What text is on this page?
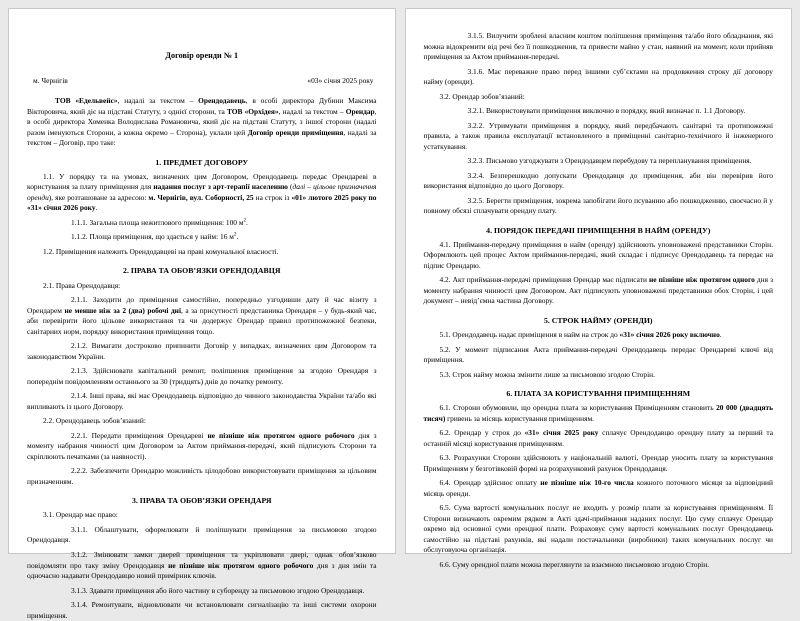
Договір оренди № 1
м. Чернігів	«03» січня 2025 року

ТОВ «Едельвейс», надалі за текстом – Орендодавець, в особі директора Дубини Максима Вікторовича, який діє на підставі Статуту, з однієї сторони, та ТОВ «Орхідея», надалі за текстом – Орендар, в особі директора Хоменка Володислава Романовича, який діє на підставі Статуту, з іншої сторони (надалі разом іменуються Сторони, а кожна окремо – Сторона), уклали цей Договір оренди приміщення, надалі за текстом – Договір, про таке:

1. ПРЕДМЕТ ДОГОВОРУ

1.1. У порядку та на умовах, визначених цим Договором, Орендодавець передає Орендареві в користування за плату приміщення для надання послуг з арт-терапії населенню (далі – цільове призначення оренди), яке розташоване за адресою: м. Чернігів, вул. Соборності, 25 на строк із «01» лютого 2025 року по «31» січня 2026 року.

1.1.1. Загальна площа нежитлового приміщення: 100 $м^2$.

1.1.2. Площа приміщення, що здається у найм: 16 $м^2$.

1.2. Приміщення належить Орендодавцеві на праві комунальної власності.

2. ПРАВА ТА ОБОВ’ЯЗКИ ОРЕНДОДАВЦЯ

2.1. Права Орендодавця:

2.1.1. Заходити до приміщення самостійно, попередньо узгодивши дату й час візиту з Орендарем не менше ніж за 2 (два) робочі дні, а за присутності представника Орендаря – у будь-який час, аби перевірити його цільове використання та чи додержує Орендар правил протипожежної безпеки, санітарних норм, порядку використання приміщення тощо.

2.1.2. Вимагати достроково припинити Договір у випадках, визначених цим Договором та законодавством України.

2.1.3. Здійснювати капітальний ремонт, поліпшення приміщення за згодою Орендаря з попереднім повідомленням останнього за 30 (тридцять) днів до початку ремонту.

2.1.4. Інші права, які має Орендодавець відповідно до чинного законодавства України та/або які випливають із цього Договору.

2.2. Орендодавець зобов’язаний:

2.2.1. Передати приміщення Орендареві не пізніше ніж протягом одного робочого дня з моменту набрання чинності цим Договором за Актом приймання-передачі, який підписують Сторони та скріплюють печатками (за наявності).

2.2.2. Забезпечити Орендарю можливість цілодобово використовувати приміщення за цільовим призначенням.

3. ПРАВА ТА ОБОВ’ЯЗКИ ОРЕНДАРЯ

3.1. Орендар має право:

3.1.1. Облаштувати, оформлювати й поліпшувати приміщення за письмовою згодою Орендодавця.

3.1.2. Змінювати замки дверей приміщення та укріплювати двері, однак обов’язково повідомляти про таку зміну Орендодавця не пізніше ніж протягом одного робочого дня з дня змін та одночасно надавати Орендодавцю новий примірник ключів.

3.1.3. Здавати приміщення або його частину в суборенду за письмовою згодою Орендодавця.

3.1.4. Ремонтувати, відновлювати чи встановлювати сигналізацію та інші системи охорони приміщення.

3.1.5. Вилучити зроблені власним коштом поліпшення приміщення та/або його обладнання, які можна відокремити від речі без її пошкодження, та привести майно у стан, наявний на момент, коли прийняв приміщення за Актом приймання-передачі.

3.1.6. Має переважне право перед іншими суб’єктами на продовження строку дії договору найму (оренди).

3.2. Орендар зобов’язаний:

3.2.1. Використовувати приміщення виключно в порядку, який визначає п. 1.1 Договору.

3.2.2. Утримувати приміщення в порядку, який передбачають санітарні та протипожежні правила, а також правила експлуатації встановленого в приміщенні санітарно-технічного й інженерного устаткування.

3.2.3. Письмово узгоджувати з Орендодавцем перебудову та перепланування приміщення.

3.2.4. Безперешкодно допускати Орендодавця до приміщення, аби він перевірив його використання відповідно до цього Договору.

3.2.5. Берегти приміщення, зокрема запобігати його псуванню або пошкодженню, своєчасно й у повному обсязі сплачувати орендну плату.

4. ПОРЯДОК ПЕРЕДАЧІ ПРИМІЩЕННЯ В НАЙМ (ОРЕНДУ)

4.1. Приймання-передачу приміщення в найм (оренду) здійснюють уповноважені представники Сторін. Оформлюють цей процес Актом приймання-передачі, який складає і підписує Орендодавець та передає на підпис Орендарю.

4.2. Акт приймання-передачі приміщення Орендар має підписати не пізніше ніж протягом одного дня з моменту набрання чинності цим Договором. Акт підписують уповноважені представники обох Сторін, і цей документ – невід’ємна частина Договору.

5. СТРОК НАЙМУ (ОРЕНДИ)

5.1. Орендодавець надає приміщення в найм на строк до «31» січня 2026 року включно.

5.2. У момент підписання Акта приймання-передачі Орендодавець передає Орендареві ключі від приміщення.

5.3. Строк найму можна змінити лише за письмовою згодою Сторін.

6. ПЛАТА ЗА КОРИСТУВАННЯ ПРИМІЩЕННЯМ

6.1. Сторони обумовили, що орендна плата за користування Приміщенням становить 20 000 (двадцять тисяч) гривень за місяць користування приміщенням.

6.2. Орендар у строк до «31» січня 2025 року сплачує Орендодавцю орендну плату за перший та останній місяці користування приміщенням.

6.3. Розрахунки Сторони здійснюють у національній валюті, Орендар уносить плату за користування Приміщенням у безготівковій формі на розрахунковий рахунок Орендодавця.

6.4. Орендар здійснює оплату не пізніше ніж 10-го числа кожного поточного місяця за відповідний місяць оренди.

6.5. Сума вартості комунальних послуг не входить у розмір плати за користування приміщенням. Її Сторони визначають окремим рядком в Акті здачі-приймання наданих послуг. Цю суму сплачує Орендар окремо від основної суми орендної плати. Розраховує суму вартості комунальних послуг Орендодавець самостійно на підставі рахунків, які надали постачальники (виробники) таких комунальних послуг чи обслуговуюча організація.

6.6. Суму орендної плати можна переглянути за взаємною письмовою згодою Сторін.
